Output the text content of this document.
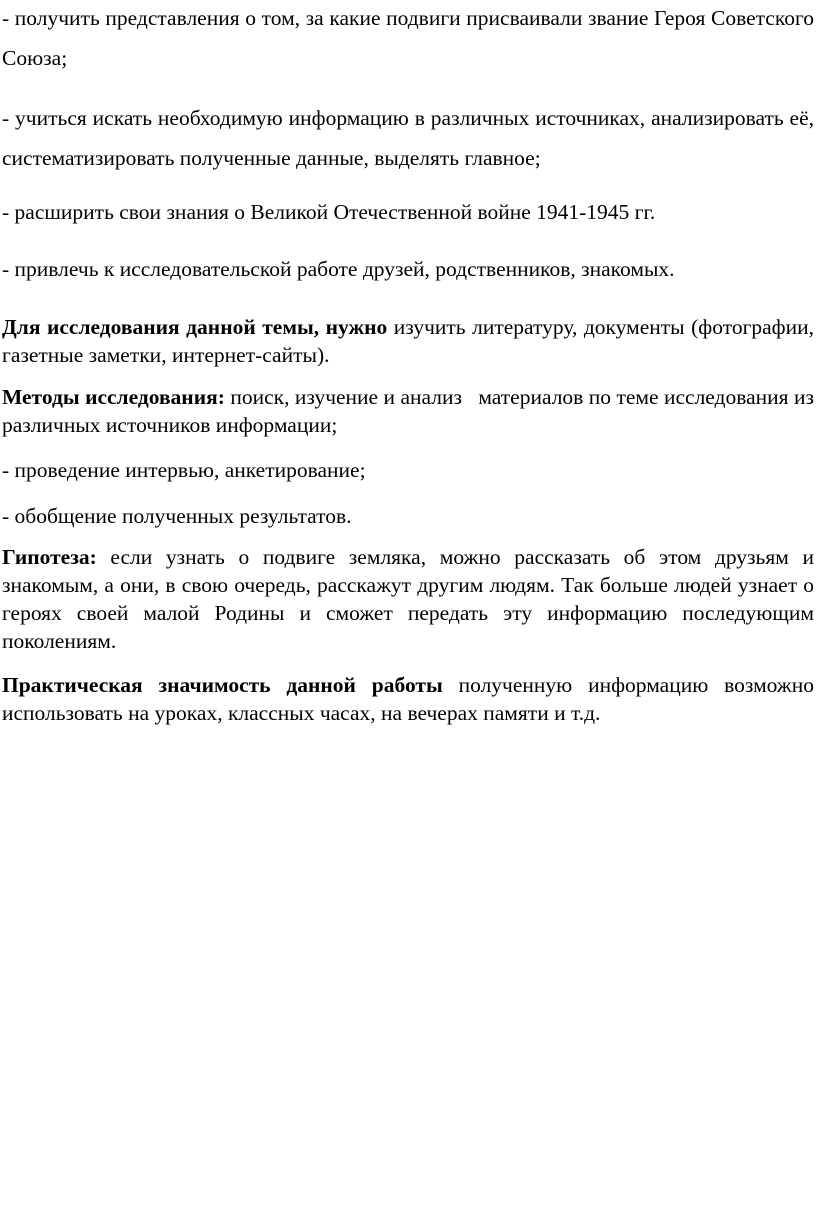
- получить представления о том, за какие подвиги присваивали звание Героя Советского Союза;

- учиться искать необходимую информацию в различных источниках, анализировать её, систематизировать полученные данные, выделять главное;

- расширить свои знания о Великой Отечественной войне 1941-1945 гг.

- привлечь к исследовательской работе друзей, родственников, знакомых.

Для исследования данной темы, нужно изучить литературу, документы (фотографии, газетные заметки, интернет-сайты).

Методы исследования: поиск, изучение и анализ   материалов по теме исследования из различных источников информации;

- проведение интервью, анкетирование;

- обобщение полученных результатов.

Гипотеза: если узнать о подвиге земляка, можно рассказать об этом друзьям и знакомым, а они, в свою очередь, расскажут другим людям. Так больше людей узнает о героях своей малой Родины и сможет передать эту информацию последующим поколениям.

Практическая значимость данной работы полученную информацию возможно использовать на уроках, классных часах, на вечерах памяти и т.д.
